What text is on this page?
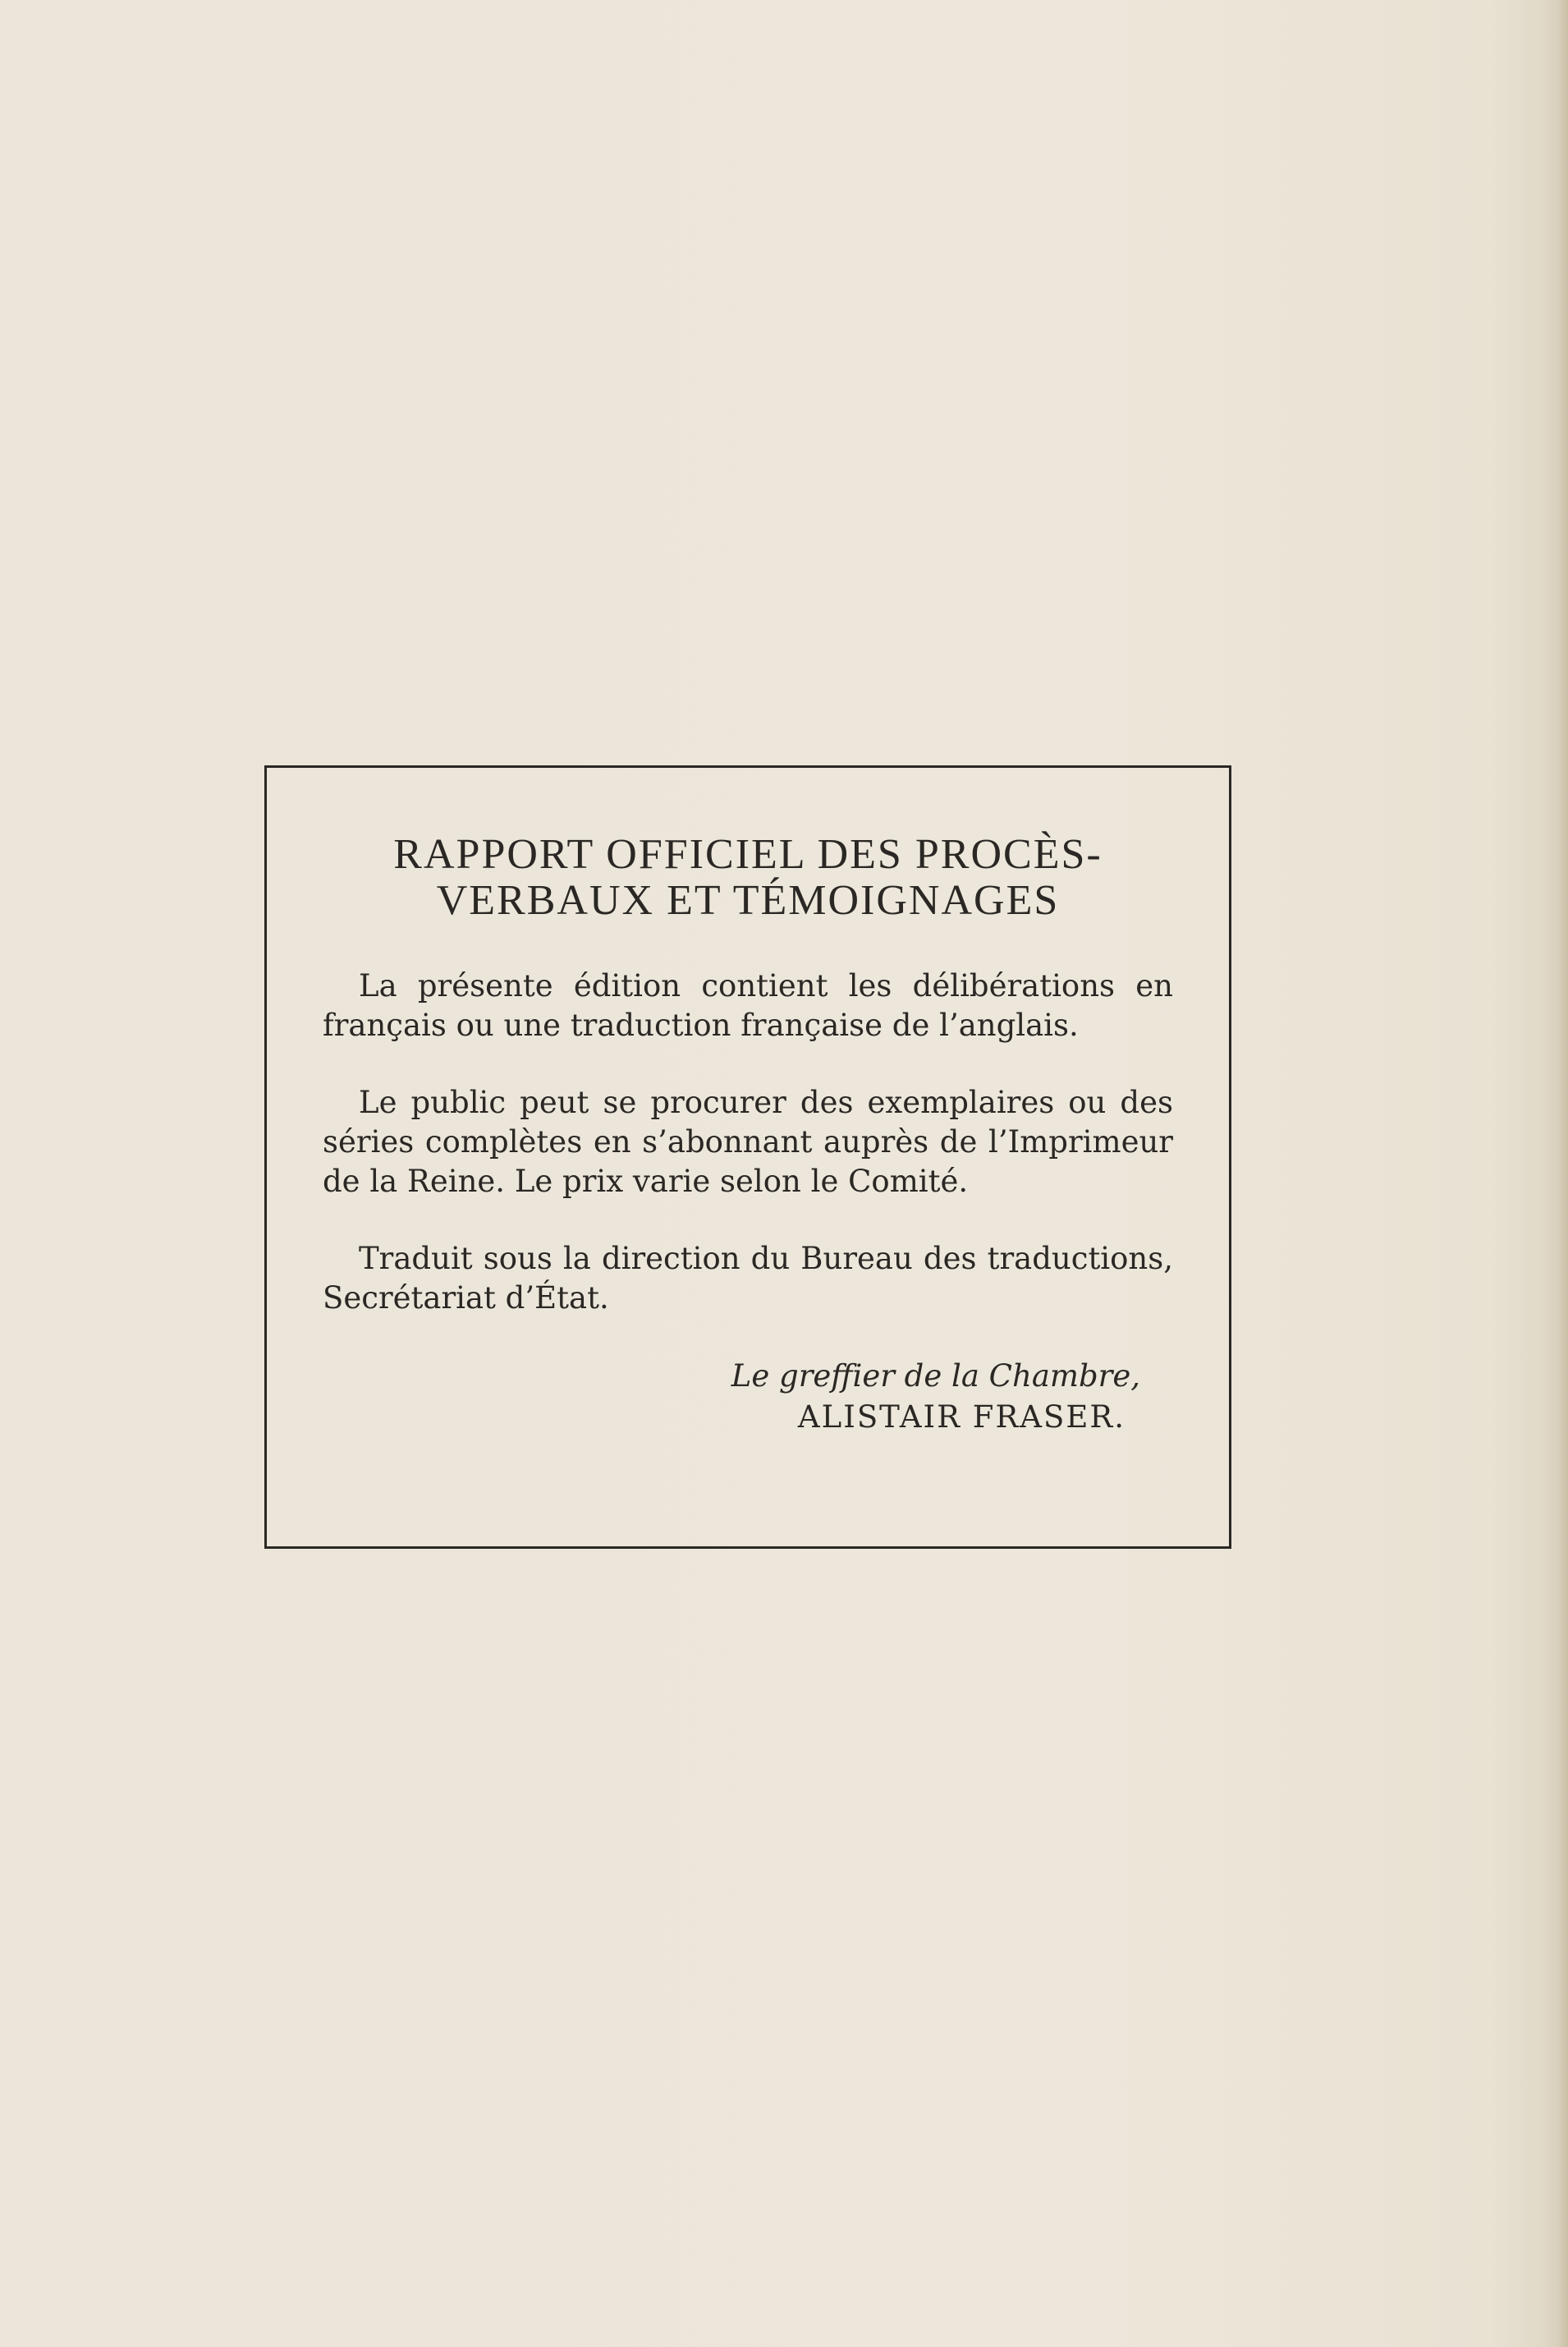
RAPPORT OFFICIEL DES PROCÈS-
VERBAUX ET TÉMOIGNAGES

La présente édition contient les délibérations en français ou une traduction française de l’anglais.

Le public peut se procurer des exemplaires ou des séries complètes en s’abonnant auprès de l’Imprimeur de la Reine. Le prix varie selon le Comité.

Traduit sous la direction du Bureau des traductions, Secrétariat d’État.

Le greffier de la Chambre,
ALISTAIR FRASER.
